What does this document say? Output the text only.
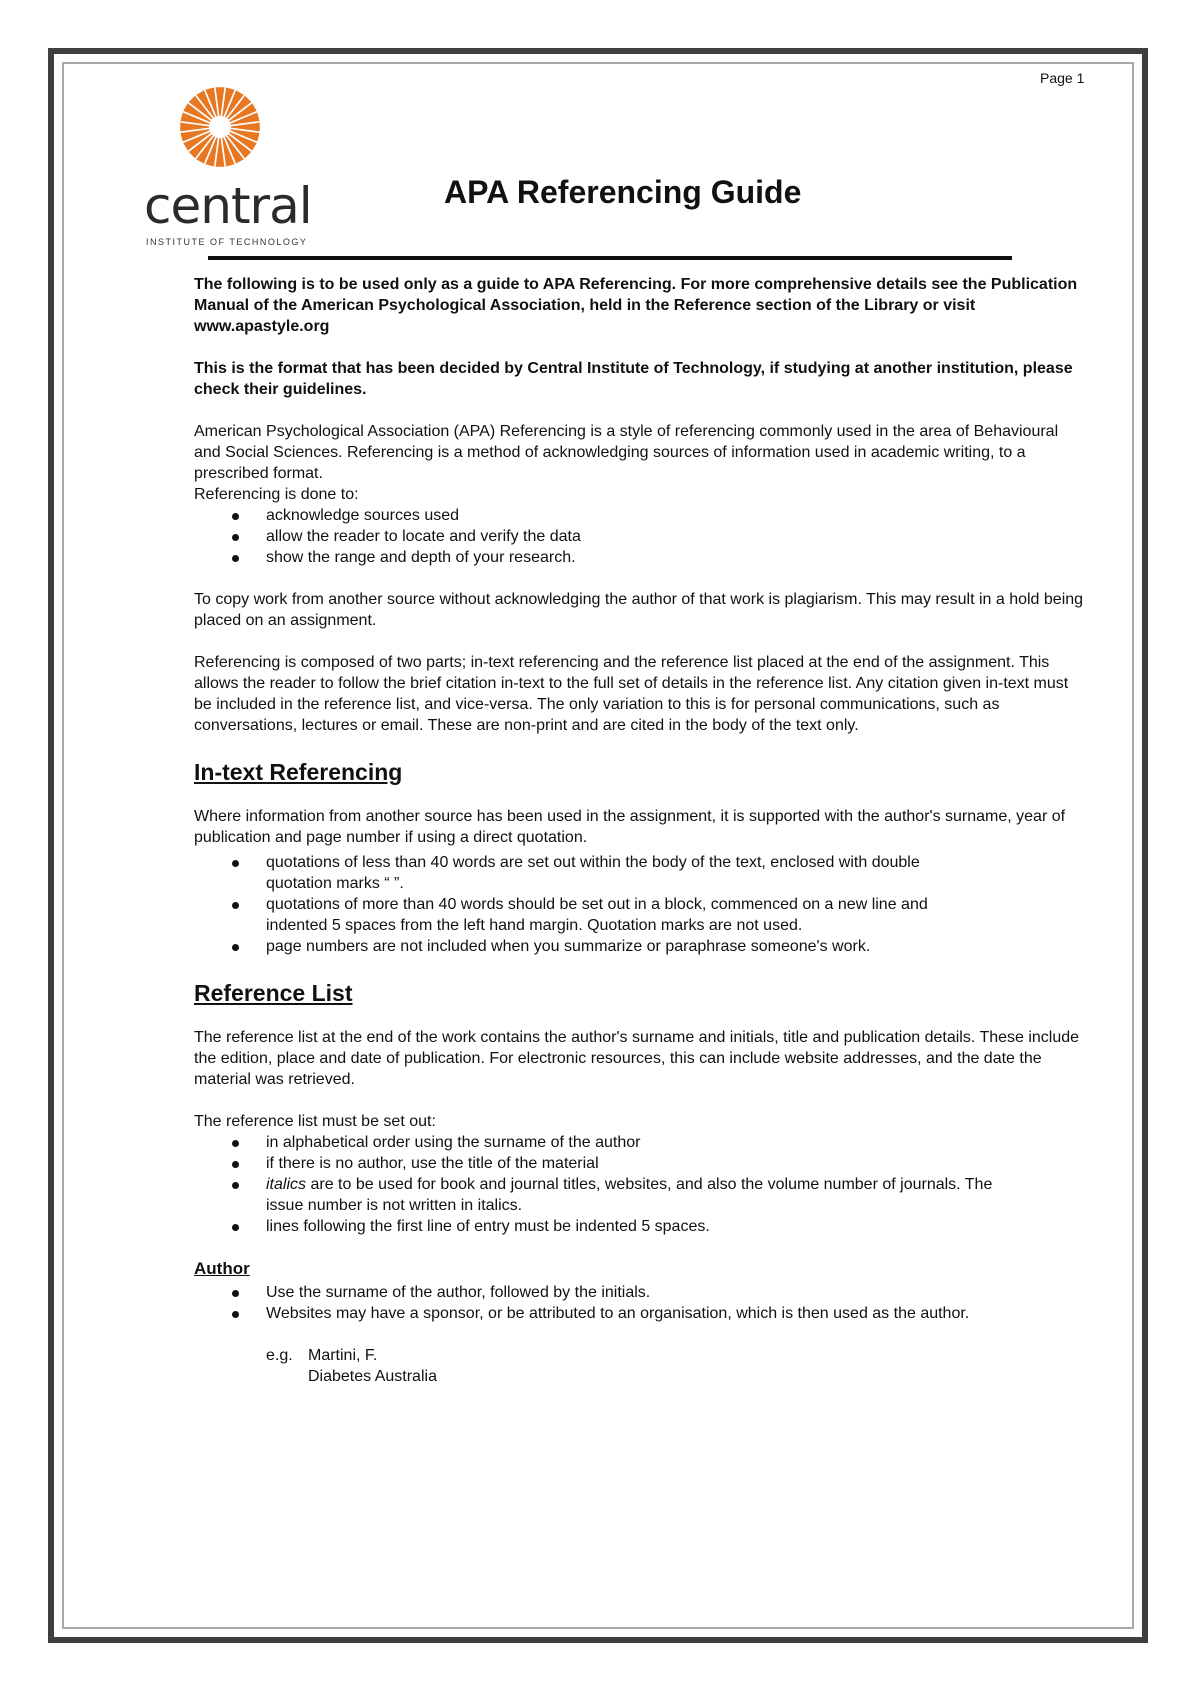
Page 1
central
INSTITUTE OF TECHNOLOGY
APA Referencing Guide

The following is to be used only as a guide to APA Referencing. For more comprehensive details see the Publication Manual of the American Psychological Association, held in the Reference section of the Library or visit www.apastyle.org

This is the format that has been decided by Central Institute of Technology, if studying at another institution, please check their guidelines.

American Psychological Association (APA) Referencing is a style of referencing commonly used in the area of Behavioural and Social Sciences. Referencing is a method of acknowledging sources of information used in academic writing, to a prescribed format.

Referencing is done to:

acknowledge sources used
allow the reader to locate and verify the data
show the range and depth of your research.

To copy work from another source without acknowledging the author of that work is plagiarism. This may result in a hold being placed on an assignment.

Referencing is composed of two parts; in-text referencing and the reference list placed at the end of the assignment. This allows the reader to follow the brief citation in-text to the full set of details in the reference list. Any citation given in-text must be included in the reference list, and vice-versa. The only variation to this is for personal communications, such as conversations, lectures or email. These are non-print and are cited in the body of the text only.

In-text Referencing

Where information from another source has been used in the assignment, it is supported with the author's surname, year of publication and page number if using a direct quotation.

quotations of less than 40 words are set out within the body of the text, enclosed with double quotation marks “ ”.
quotations of more than 40 words should be set out in a block, commenced on a new line and indented 5 spaces from the left hand margin. Quotation marks are not used.
page numbers are not included when you summarize or paraphrase someone's work.
Reference List

The reference list at the end of the work contains the author's surname and initials, title and publication details. These include the edition, place and date of publication. For electronic resources, this can include website addresses, and the date the material was retrieved.

The reference list must be set out:

in alphabetical order using the surname of the author
if there is no author, use the title of the material
italics are to be used for book and journal titles, websites, and also the volume number of journals. The issue number is not written in italics.
lines following the first line of entry must be indented 5 spaces.
Author
Use the surname of the author, followed by the initials.
Websites may have a sponsor, or be attributed to an organisation, which is then used as the author.
e.g. Martini, F.
Diabetes Australia
